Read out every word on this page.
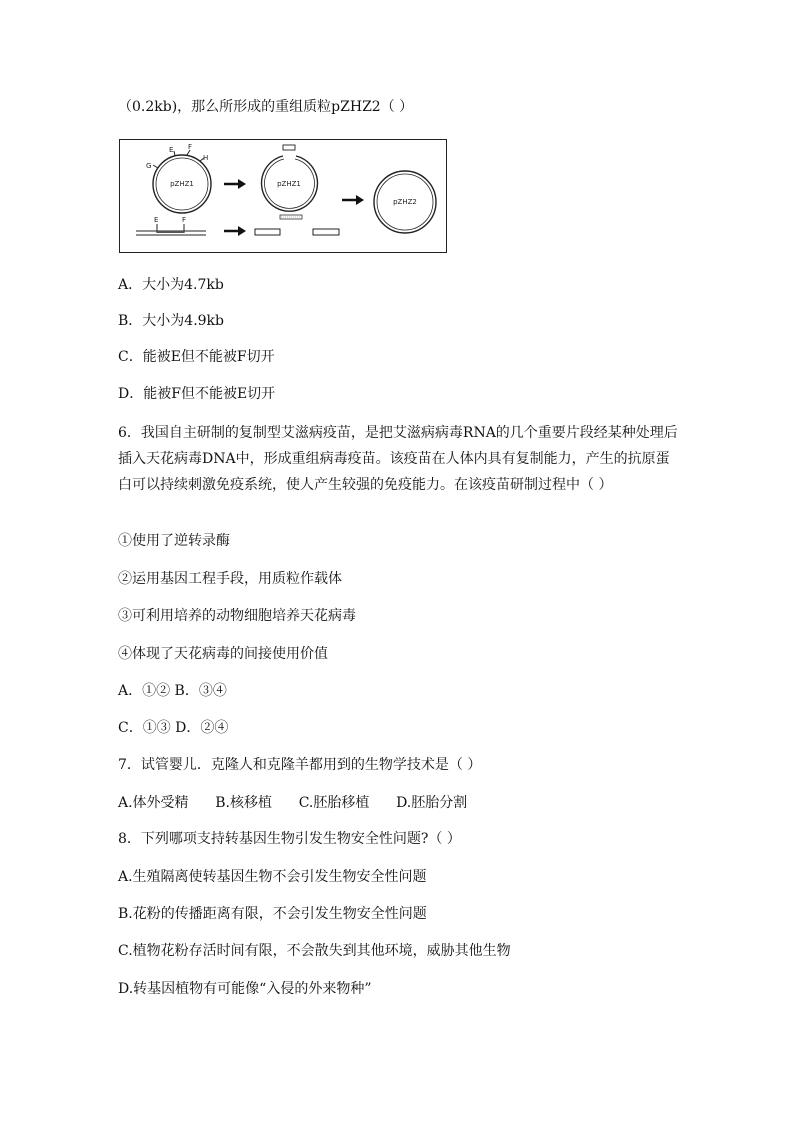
（0.2kb)，那么所形成的重组质粒pZHZ2（ ）
G
E F
H
pZHZ1	pZHZ1
pZHZ2
E	F
A．大小为4.7kb
B．大小为4.9kb
C．能被E但不能被F切开
D．能被F但不能被E切开
6．我国自主研制的复制型艾滋病疫苗，是把艾滋病病毒RNA的几个重要片段经某种处理后插入天花病毒DNA中，形成重组病毒疫苗。该疫苗在人体内具有复制能力，产生的抗原蛋白可以持续刺激免疫系统，使人产生较强的免疫能力。在该疫苗研制过程中（ ）
①使用了逆转录酶
②运用基因工程手段，用质粒作载体
③可利用培养的动物细胞培养天花病毒
④体现了天花病毒的间接使用价值
A．①② B．③④
C．①③ D．②④
7．试管婴儿．克隆人和克隆羊都用到的生物学技术是（ ）
A.体外受精      B.核移植      C.胚胎移植      D.胚胎分割
8．下列哪项支持转基因生物引发生物安全性问题?（ ）
A.生殖隔离使转基因生物不会引发生物安全性问题
B.花粉的传播距离有限，不会引发生物安全性问题
C.植物花粉存活时间有限，不会散失到其他环境，威胁其他生物
D.转基因植物有可能像“入侵的外来物种”
